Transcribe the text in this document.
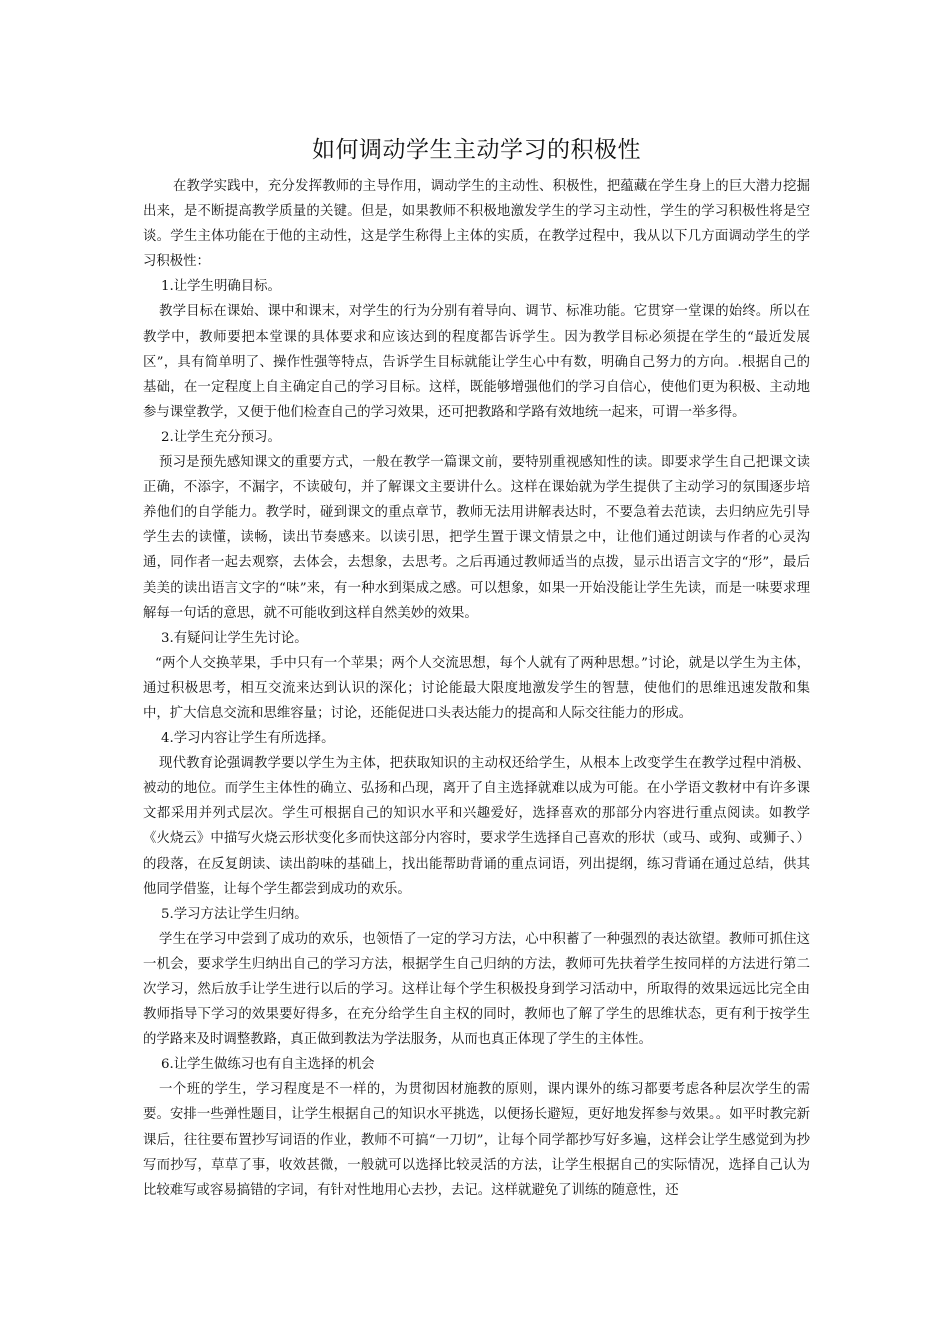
如何调动学生主动学习的积极性

在教学实践中，充分发挥教师的主导作用，调动学生的主动性、积极性，把蕴藏在学生身上的巨大潜力挖掘出来，是不断提高教学质量的关键。但是，如果教师不积极地激发学生的学习主动性，学生的学习积极性将是空谈。学生主体功能在于他的主动性，这是学生称得上主体的实质，在教学过程中，我从以下几方面调动学生的学习积极性：

1.让学生明确目标。

教学目标在课始、课中和课末，对学生的行为分别有着导向、调节、标准功能。它贯穿一堂课的始终。所以在教学中，教师要把本堂课的具体要求和应该达到的程度都告诉学生。因为教学目标必须提在学生的“最近发展区”，具有简单明了、操作性强等特点，告诉学生目标就能让学生心中有数，明确自己努力的方向。.根据自己的基础，在一定程度上自主确定自己的学习目标。这样，既能够增强他们的学习自信心，使他们更为积极、主动地参与课堂教学，又便于他们检查自己的学习效果，还可把教路和学路有效地统一起来，可谓一举多得。

2.让学生充分预习。

预习是预先感知课文的重要方式，一般在教学一篇课文前，要特别重视感知性的读。即要求学生自己把课文读正确，不添字，不漏字，不读破句，并了解课文主要讲什么。这样在课始就为学生提供了主动学习的氛围逐步培养他们的自学能力。教学时，碰到课文的重点章节，教师无法用讲解表达时，不要急着去范读，去归纳应先引导学生去的读懂，读畅，读出节奏感来。以读引思，把学生置于课文情景之中，让他们通过朗读与作者的心灵沟通，同作者一起去观察，去体会，去想象，去思考。之后再通过教师适当的点拨，显示出语言文字的“形”，最后美美的读出语言文字的“味”来，有一种水到渠成之感。可以想象，如果一开始没能让学生先读，而是一味要求理解每一句话的意思，就不可能收到这样自然美妙的效果。

3.有疑问让学生先讨论。

“两个人交换苹果，手中只有一个苹果；两个人交流思想，每个人就有了两种思想。”讨论，就是以学生为主体，通过积极思考，相互交流来达到认识的深化；讨论能最大限度地激发学生的智慧，使他们的思维迅速发散和集中，扩大信息交流和思维容量；讨论，还能促进口头表达能力的提高和人际交往能力的形成。

4.学习内容让学生有所选择。

现代教育论强调教学要以学生为主体，把获取知识的主动权还给学生，从根本上改变学生在教学过程中消极、被动的地位。而学生主体性的确立、弘扬和凸现，离开了自主选择就难以成为可能。在小学语文教材中有许多课文都采用并列式层次。学生可根据自己的知识水平和兴趣爱好，选择喜欢的那部分内容进行重点阅读。如教学《火烧云》中描写火烧云形状变化多而快这部分内容时，要求学生选择自己喜欢的形状（或马、或狗、或狮子、）的段落，在反复朗读、读出韵味的基础上，找出能帮助背诵的重点词语，列出提纲，练习背诵在通过总结，供其他同学借鉴，让每个学生都尝到成功的欢乐。

5.学习方法让学生归纳。

学生在学习中尝到了成功的欢乐，也领悟了一定的学习方法，心中积蓄了一种强烈的表达欲望。教师可抓住这一机会，要求学生归纳出自己的学习方法，根据学生自己归纳的方法，教师可先扶着学生按同样的方法进行第二次学习，然后放手让学生进行以后的学习。这样让每个学生积极投身到学习活动中，所取得的效果远远比完全由教师指导下学习的效果要好得多，在充分给学生自主权的同时，教师也了解了学生的思维状态，更有利于按学生的学路来及时调整教路，真正做到教法为学法服务，从而也真正体现了学生的主体性。

6.让学生做练习也有自主选择的机会

一个班的学生，学习程度是不一样的，为贯彻因材施教的原则，课内课外的练习都要考虑各种层次学生的需要。安排一些弹性题目，让学生根据自己的知识水平挑选，以便扬长避短，更好地发挥参与效果。。如平时教完新课后，往往要布置抄写词语的作业，教师不可搞“一刀切”，让每个同学都抄写好多遍，这样会让学生感觉到为抄写而抄写，草草了事，收效甚微，一般就可以选择比较灵活的方法，让学生根据自己的实际情况，选择自己认为比较难写或容易搞错的字词，有针对性地用心去抄，去记。这样就避免了训练的随意性，还
